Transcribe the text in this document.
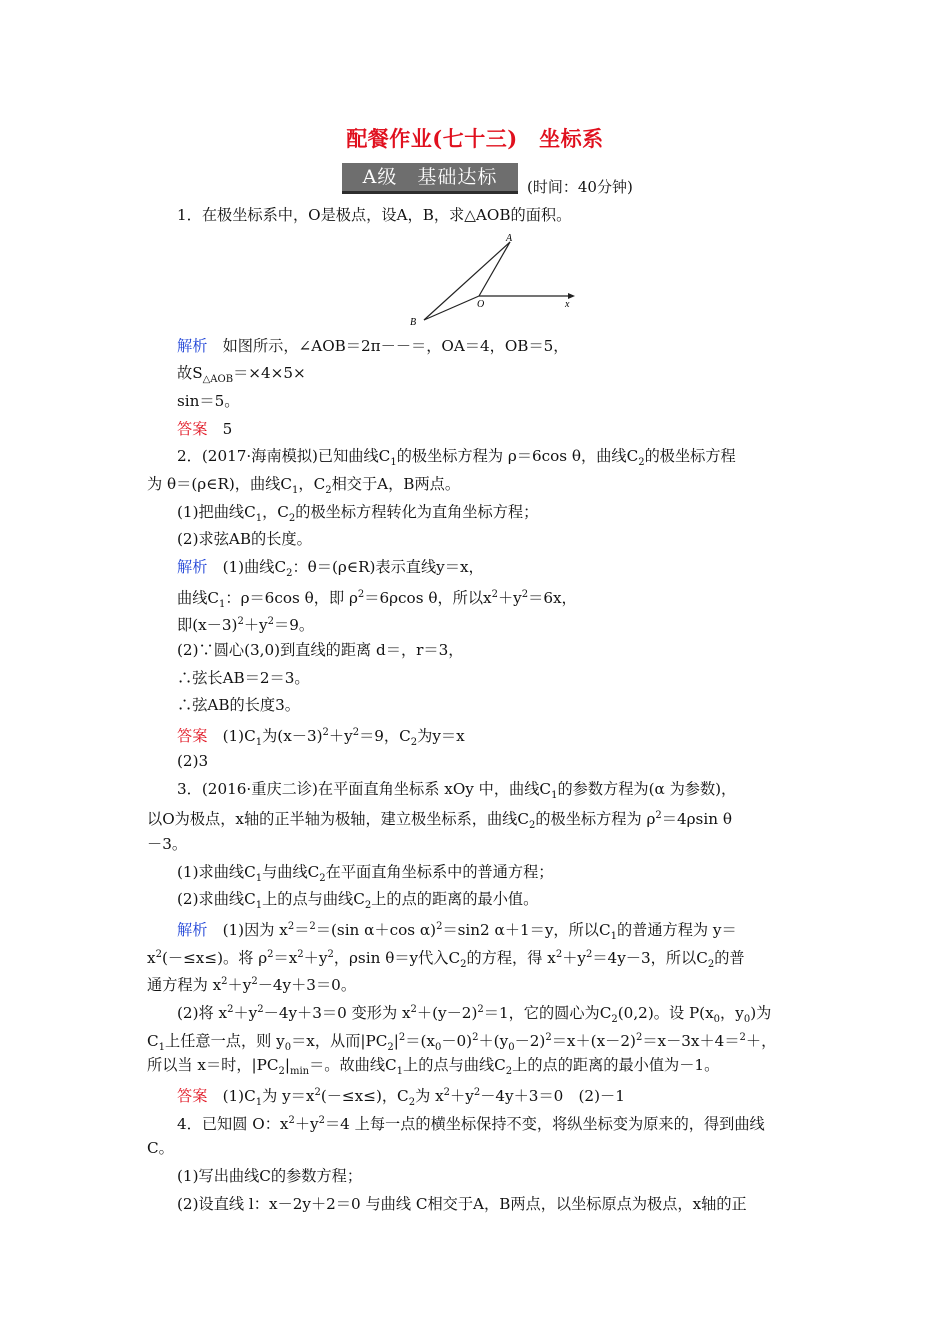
配餐作业(七十三)　坐标系
A级　基础达标	(时间：40分钟)
1．在极坐标系中，O是极点，设A，B，求△AOB的面积。
解析　如图所示，∠AOB＝2π－－＝，OA＝4，OB＝5，
故$S_{\triangle AOB}=\times 4\times 5\times$
sin＝5。
答案　5
2．(2017·海南模拟)已知曲线$C_1$的极坐标方程为 ρ＝6cos θ，曲线$C_2$的极坐标方程
为 θ＝(ρ∈R)，曲线$C_1$，$C_2$相交于A，B两点。
(1)把曲线$C_1$，$C_2$的极坐标方程转化为直角坐标方程；
(2)求弦AB的长度。
解析　(1)曲线$C_2$：θ＝(ρ∈R)表示直线y＝x，
曲线$C_1$：ρ＝6cos θ，即 $\rho^2=6\rho\cos$ θ，所以$x^2+y^2=6x$，
即$(x-3)^2+y^2=9$。
(2)∵圆心(3,0)到直线的距离 d＝，r＝3，
∴弦长AB＝2＝3。
∴弦AB的长度3。
答案　$(1)C_1$为$(x-3)^2+y^2=9$，$C_2$为y＝x
(2)3
3．(2016·重庆二诊)在平面直角坐标系 xOy 中，曲线$C_1$的参数方程为(α 为参数)，
以O为极点，x轴的正半轴为极轴，建立极坐标系，曲线$C_2$的极坐标方程为 $\rho^2=4\rho\sin$ θ
－3。
(1)求曲线$C_1$与曲线$C_2$在平面直角坐标系中的普通方程；
(2)求曲线$C_1$上的点与曲线$C_2$上的点的距离的最小值。
解析　(1)因为 $x^2=^2=(\sin$ α＋cos α)$^2$＝sin2 α＋1＝y，所以$C_1$的普通方程为 y＝
$x^2(-\le x\le)$。将 $\rho^2=x^2+y^2$，ρsin θ＝y代入$C_2$的方程，得 $x^2+y^2=4y-3$，所以$C_2$的普
通方程为 $x^2+y^2-4y+3=0$。
(2)将 $x^2+y^2-4y+3=0$ 变形为 $x^2+(y-2)^2=1$，它的圆心为$C_2(0,2)$。设 $P(x_0$，$y_0$)为
$C_1$上任意一点，则 $y_0=x$，从而$|PC_2|^2=(x_0-0)^2+(y_0-2)^2=x+(x-2)^2=x-3x+4=^2+$，
所以当 x＝时，$|PC_2|_{min}=$。故曲线$C_1$上的点与曲线$C_2$上的点的距离的最小值为－1。
答案　$(1)C_1$为 $y=x^2(-\le x\le)$，$C_2$为 $x^2+y^2-4y+3=0$　(2)－1
4．已知圆 O：$x^2+y^2=4$ 上每一点的横坐标保持不变，将纵坐标变为原来的，得到曲线
C。
(1)写出曲线C的参数方程；
(2)设直线 l：x－2y＋2＝0 与曲线 C相交于A，B两点，以坐标原点为极点，x轴的正
A
B
O	x
